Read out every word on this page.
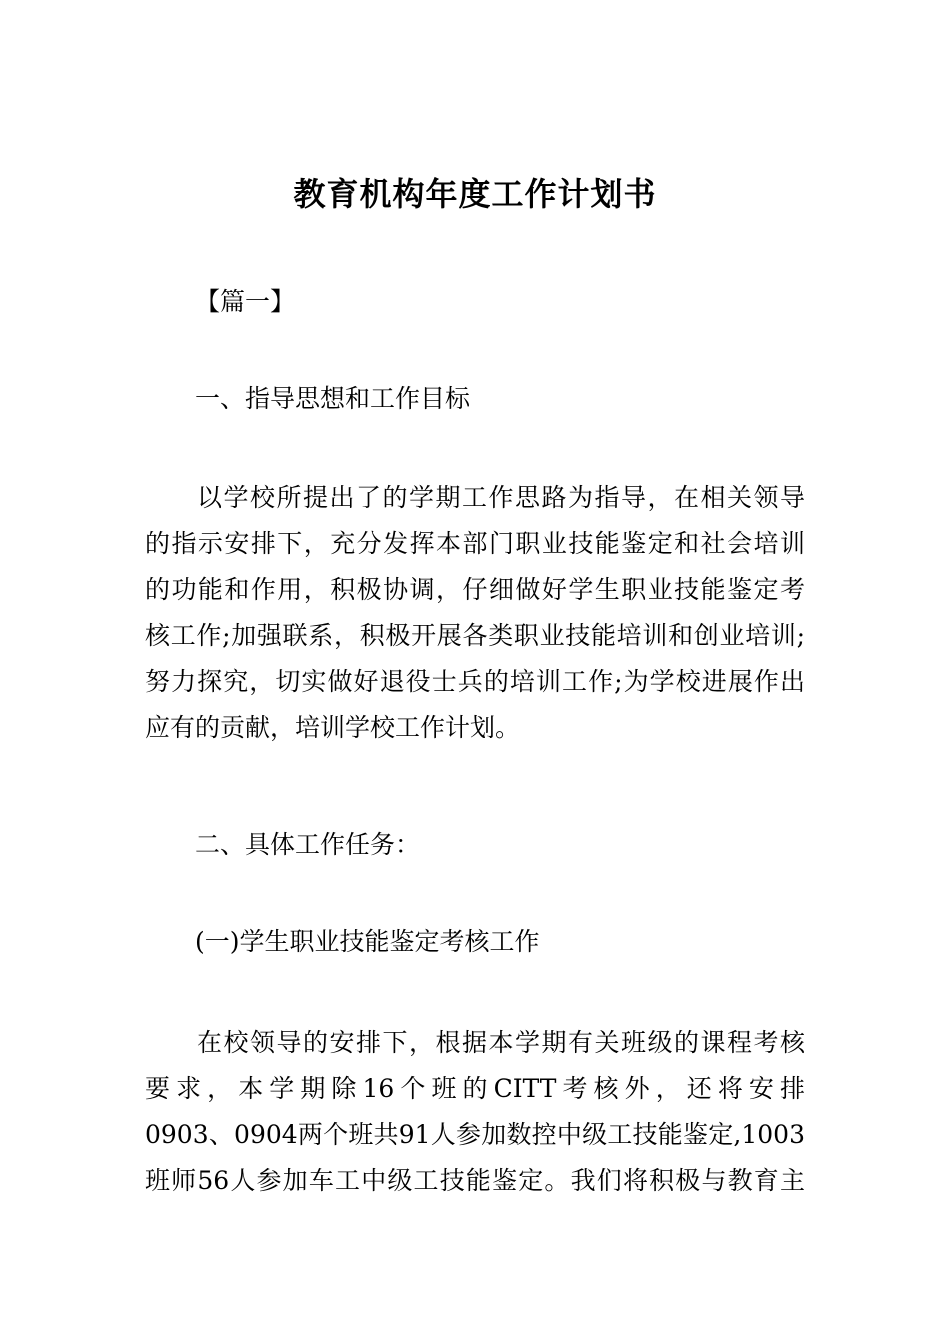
教育机构年度工作计划书

【篇一】

一、指导思想和工作目标

以学校所提出了的学期工作思路为指导，在相关领导
的指示安排下，充分发挥本部门职业技能鉴定和社会培训
的功能和作用，积极协调，仔细做好学生职业技能鉴定考
核工作;加强联系，积极开展各类职业技能培训和创业培训;
努力探究，切实做好退役士兵的培训工作;为学校进展作出
应有的贡献，培训学校工作计划。

二、具体工作任务：

(一)学生职业技能鉴定考核工作

在校领导的安排下，根据本学期有关班级的课程考核
要求，本学期除16个班的CITT考核外，还将安排
0903、0904两个班共91人参加数控中级工技能鉴定,1003
班师56人参加车工中级工技能鉴定。我们将积极与教育主
